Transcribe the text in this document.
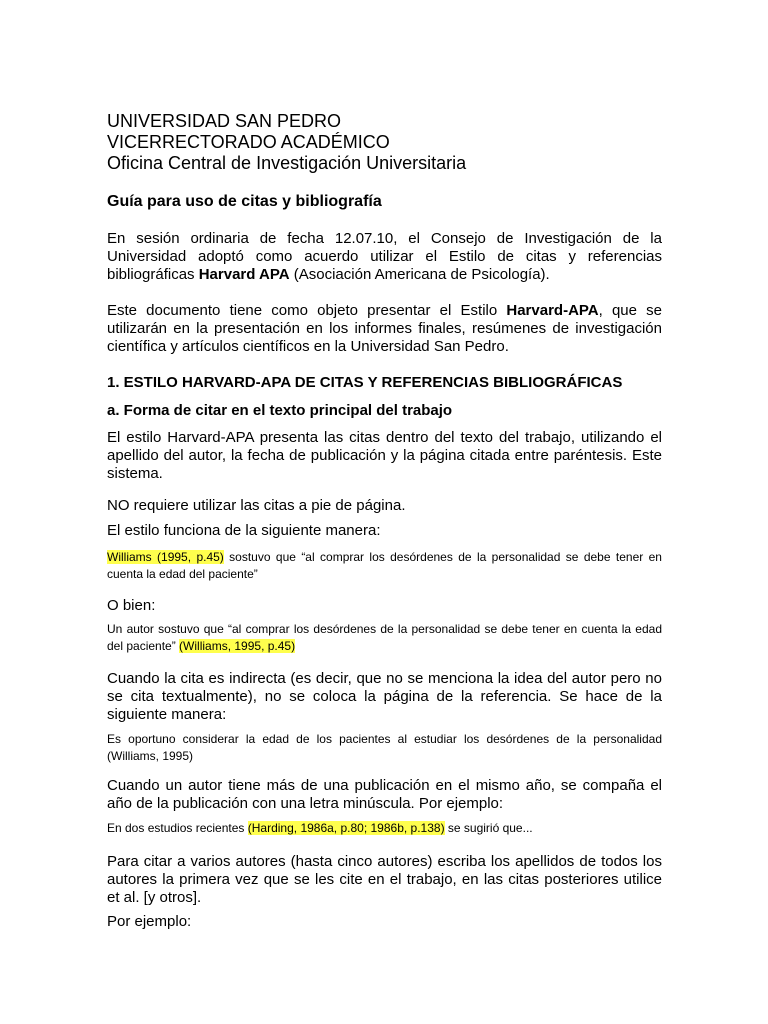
UNIVERSIDAD SAN PEDRO

VICERRECTORADO ACADÉMICO

Oficina Central de Investigación Universitaria

Guía para uso de citas y bibliografía

En sesión ordinaria de fecha 12.07.10, el Consejo de Investigación de la Universidad adoptó como acuerdo utilizar el Estilo de citas y referencias bibliográficas Harvard APA (Asociación Americana de Psicología).

Este documento tiene como objeto presentar el Estilo Harvard-APA, que se utilizarán en la presentación en los informes finales, resúmenes de investigación científica y artículos científicos en la Universidad San Pedro.

1. ESTILO HARVARD-APA DE CITAS Y REFERENCIAS BIBLIOGRÁFICAS

a. Forma de citar en el texto principal del trabajo

El estilo Harvard-APA presenta las citas dentro del texto del trabajo, utilizando el apellido del autor, la fecha de publicación y la página citada entre paréntesis. Este sistema.

NO requiere utilizar las citas a pie de página.

El estilo funciona de la siguiente manera:

Williams (1995, p.45) sostuvo que “al comprar los desórdenes de la personalidad se debe tener en cuenta la edad del paciente”

O bien:

Un autor sostuvo que “al comprar los desórdenes de la personalidad se debe tener en cuenta la edad del paciente” (Williams, 1995, p.45)

Cuando la cita es indirecta (es decir, que no se menciona la idea del autor pero no se cita textualmente), no se coloca la página de la referencia. Se hace de la siguiente manera:

Es oportuno considerar la edad de los pacientes al estudiar los desórdenes de la personalidad (Williams, 1995)

Cuando un autor tiene más de una publicación en el mismo año, se compaña el año de la publicación con una letra minúscula. Por ejemplo:

En dos estudios recientes (Harding, 1986a, p.80; 1986b, p.138) se sugirió que...

Para citar a varios autores (hasta cinco autores) escriba los apellidos de todos los autores la primera vez que se les cite en el trabajo, en las citas posteriores utilice et al. [y otros].

Por ejemplo:
